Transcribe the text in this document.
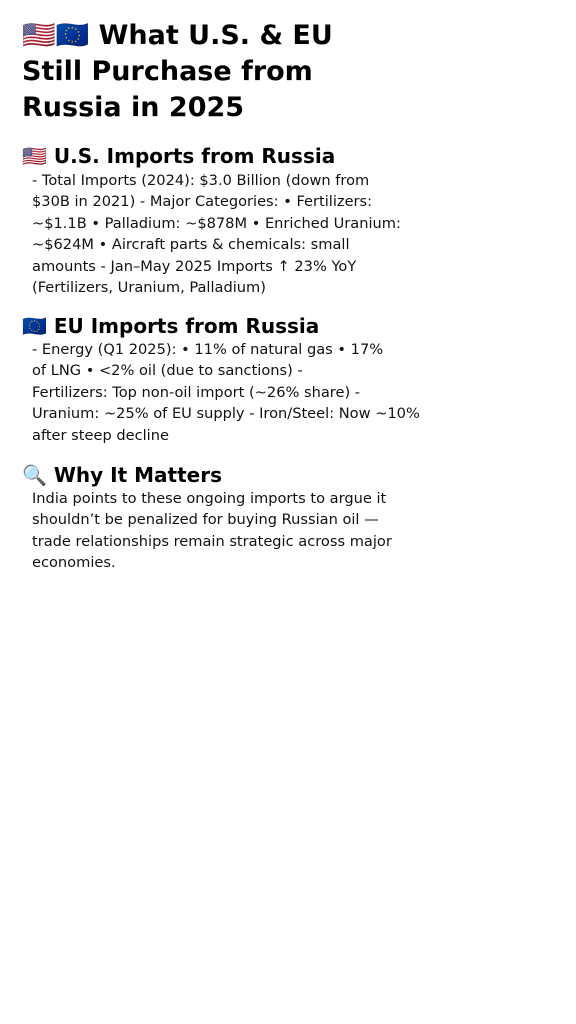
🇺🇸🇪🇺 What U.S. & EU
Still Purchase from
Russia in 2025
🇺🇸 U.S. Imports from Russia

- Total Imports (2024): $3.0 Billion (down from
$30B in 2021) - Major Categories: • Fertilizers:
~$1.1B • Palladium: ~$878M • Enriched Uranium:
~$624M • Aircraft parts & chemicals: small
amounts - Jan–May 2025 Imports ↑ 23% YoY
(Fertilizers, Uranium, Palladium)

🇪🇺 EU Imports from Russia

- Energy (Q1 2025): • 11% of natural gas • 17%
of LNG • <2% oil (due to sanctions) -
Fertilizers: Top non-oil import (~26% share) -
Uranium: ~25% of EU supply - Iron/Steel: Now ~10%
after steep decline

🔍 Why It Matters

India points to these ongoing imports to argue it
shouldn’t be penalized for buying Russian oil —
trade relationships remain strategic across major
economies.
